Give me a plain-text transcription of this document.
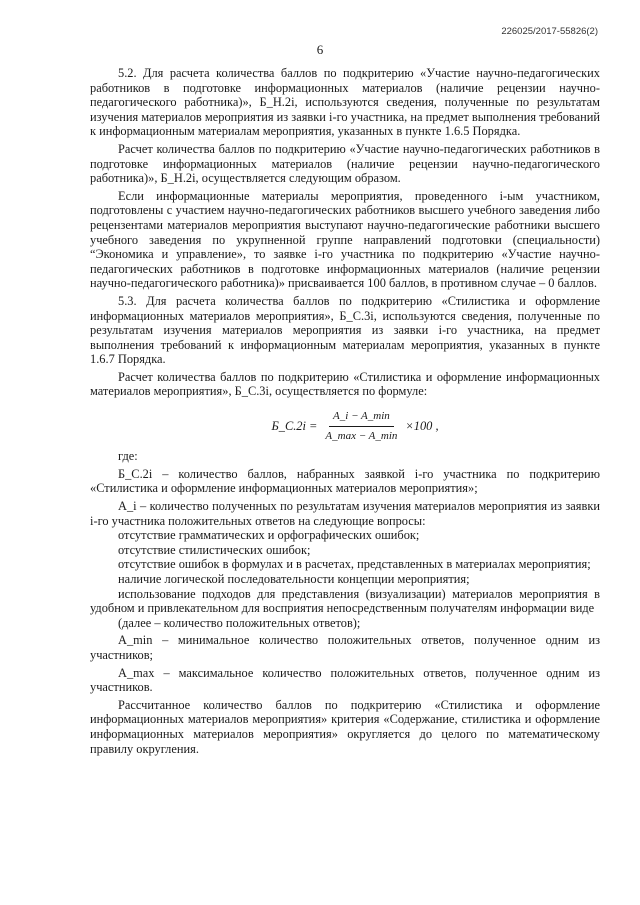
226025/2017-55826(2)
6

5.2. Для расчета количества баллов по подкритерию «Участие научно-педагогических работников в подготовке информационных материалов (наличие рецензии научно-педагогического работника)», Б_Н.2i, используются сведения, полученные по результатам изучения материалов мероприятия из заявки i-го участника, на предмет выполнения требований к информационным материалам мероприятия, указанных в пункте 1.6.5 Порядка.

Расчет количества баллов по подкритерию «Участие научно-педагогических работников в подготовке информационных материалов (наличие рецензии научно-педагогического работника)», Б_Н.2i, осуществляется следующим образом.

Если информационные материалы мероприятия, проведенного i-ым участником, подготовлены с участием научно-педагогических работников высшего учебного заведения либо рецензентами материалов мероприятия выступают научно-педагогические работники высшего учебного заведения по укрупненной группе направлений подготовки (специальности) “Экономика и управление», то заявке i-го участника по подкритерию «Участие научно-педагогических работников в подготовке информационных материалов (наличие рецензии научно-педагогического работника)» присваивается 100 баллов, в противном случае – 0 баллов.

5.3. Для расчета количества баллов по подкритерию «Стилистика и оформление информационных материалов мероприятия», Б_С.3i, используются сведения, полученные по результатам изучения материалов мероприятия из заявки i-го участника, на предмет выполнения требований к информационным материалам мероприятия, указанных в пункте 1.6.7 Порядка.

Расчет количества баллов по подкритерию «Стилистика и оформление информационных материалов мероприятия», Б_С.3i, осуществляется по формуле:

Б_С.2i = $\frac{A\_i - A\_\min}{A\_\max - A\_\min} \times 100$ ,

где:

Б_С.2i – количество баллов, набранных заявкой i-го участника по подкритерию «Стилистика и оформление информационных материалов мероприятия»;

A_i – количество полученных по результатам изучения материалов мероприятия из заявки i-го участника положительных ответов на следующие вопросы:

отсутствие грамматических и орфографических ошибок;

отсутствие стилистических ошибок;

отсутствие ошибок в формулах и в расчетах, представленных в материалах мероприятия;

наличие логической последовательности концепции мероприятия;

использование подходов для представления (визуализации) материалов мероприятия в удобном и привлекательном для восприятия непосредственным получателям информации виде

(далее – количество положительных ответов);

A_min – минимальное количество положительных ответов, полученное одним из участников;

A_max – максимальное количество положительных ответов, полученное одним из участников.

Рассчитанное количество баллов по подкритерию «Стилистика и оформление информационных материалов мероприятия» критерия «Содержание, стилистика и оформление информационных материалов мероприятия» округляется до целого по математическому правилу округления.
